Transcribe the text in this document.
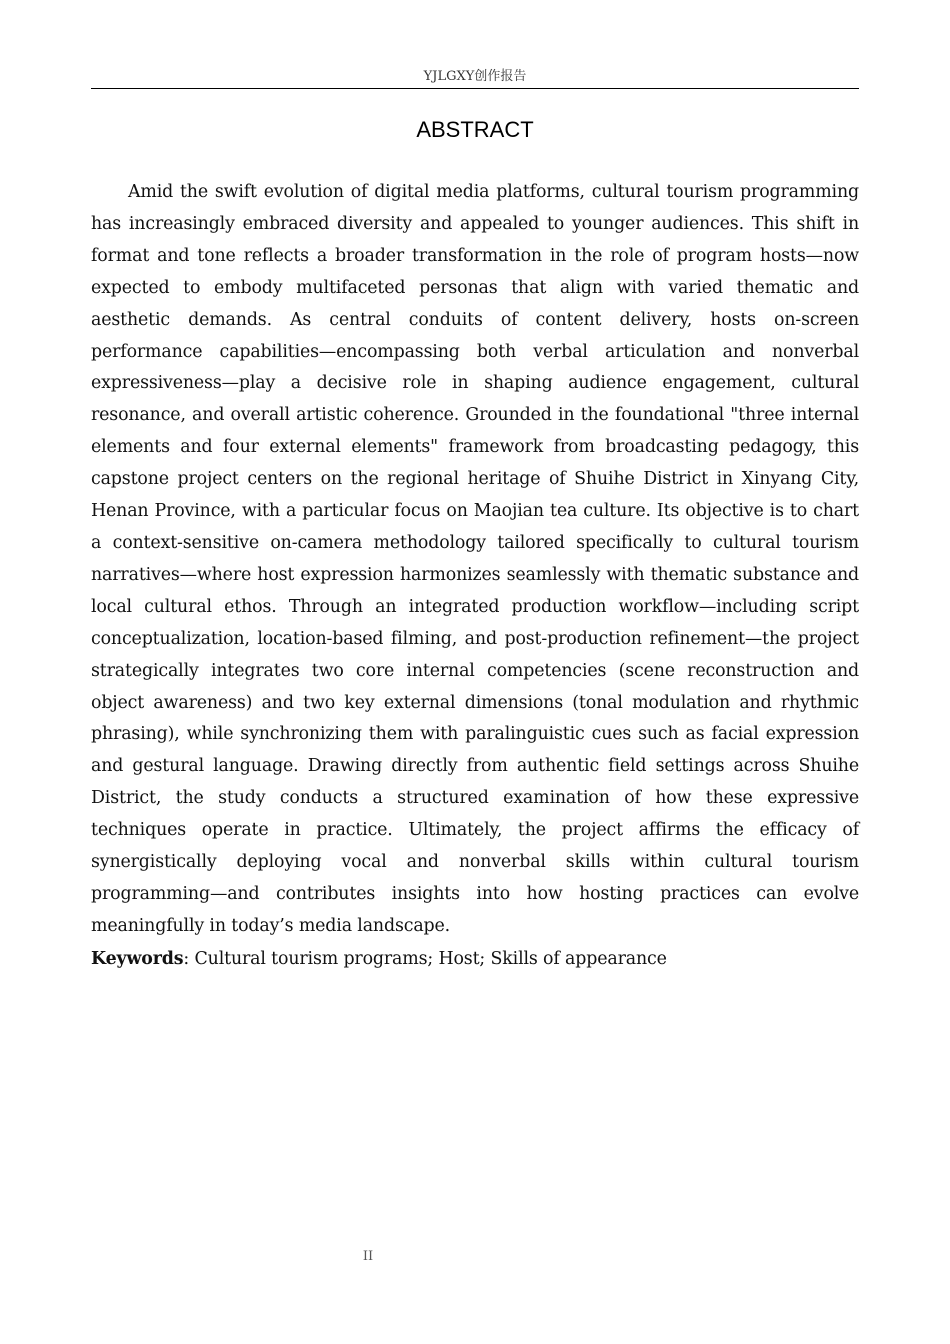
YJLGXY创作报告
ABSTRACT

Amid the swift evolution of digital media platforms, cultural tourism programming has increasingly embraced diversity and appealed to younger audiences. This shift in format and tone reflects a broader transformation in the role of program hosts—now expected to embody multifaceted personas that align with varied thematic and aesthetic demands. As central conduits of content delivery, hosts on-screen performance capabilities—encompassing both verbal articulation and nonverbal expressiveness—play a decisive role in shaping audience engagement, cultural resonance, and overall artistic coherence. Grounded in the foundational "three internal elements and four external elements" framework from broadcasting pedagogy, this capstone project centers on the regional heritage of Shuihe District in Xinyang City, Henan Province, with a particular focus on Maojian tea culture. Its objective is to chart a context-sensitive on-camera methodology tailored specifically to cultural tourism narratives—where host expression harmonizes seamlessly with thematic substance and local cultural ethos. Through an integrated production workflow—including script conceptualization, location-based filming, and post-production refinement—the project strategically integrates two core internal competencies (scene reconstruction and object awareness) and two key external dimensions (tonal modulation and rhythmic phrasing), while synchronizing them with paralinguistic cues such as facial expression and gestural language. Drawing directly from authentic field settings across Shuihe District, the study conducts a structured examination of how these expressive techniques operate in practice. Ultimately, the project affirms the efficacy of synergistically deploying vocal and nonverbal skills within cultural tourism programming—and contributes insights into how hosting practices can evolve meaningfully in today’s media landscape.

Keywords: Cultural tourism programs; Host; Skills of appearance

II
